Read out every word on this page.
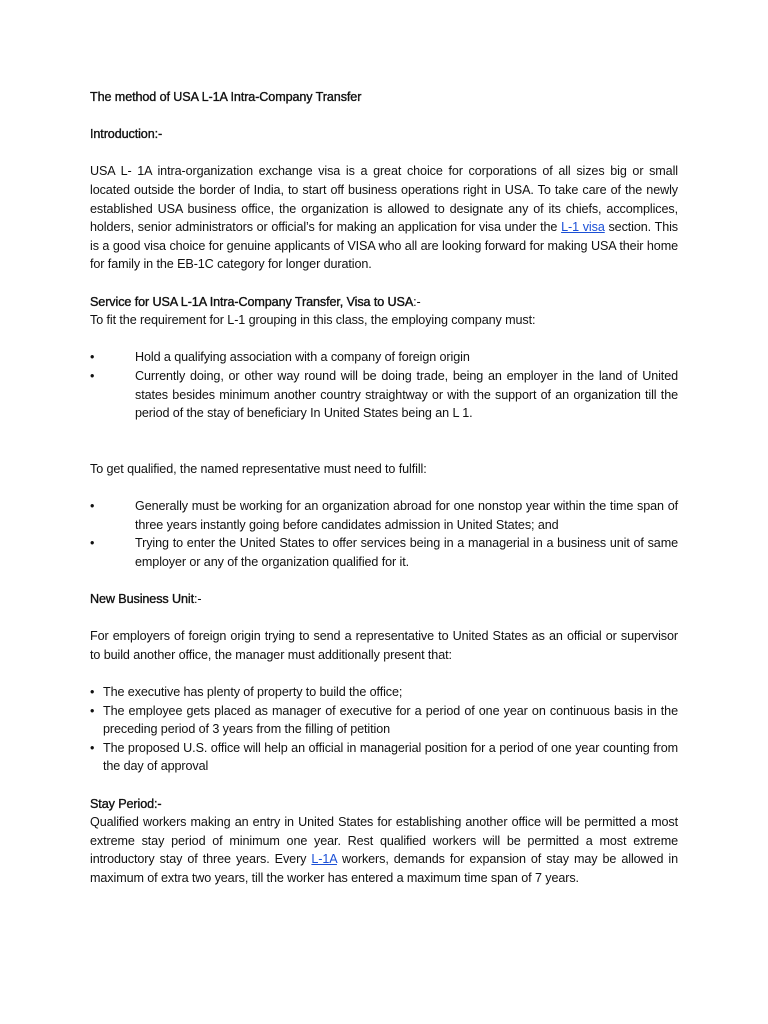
The method of USA L-1A Intra-Company Transfer

Introduction:-

USA L- 1A intra-organization exchange visa is a great choice for corporations of all sizes big or small located outside the border of India, to start off business operations right in USA. To take care of the newly established USA business office, the organization is allowed to designate any of its chiefs, accomplices, holders, senior administrators or official’s for making an application for visa under the L-1 visa section. This is a good visa choice for genuine applicants of VISA who all are looking forward for making USA their home for family in the EB-1C category for longer duration.

Service for USA L-1A Intra-Company Transfer, Visa to USA:-

To fit the requirement for L-1 grouping in this class, the employing company must:

•	Hold a qualifying association with a company of foreign origin
•	Currently doing, or other way round will be doing trade, being an employer in the land of United states besides minimum another country straightway or with the support of an organization till the period of the stay of beneficiary In United States being an L 1.

To get qualified, the named representative must need to fulfill:

•	Generally must be working for an organization abroad for one nonstop year within the time span of three years instantly going before candidates admission in United States; and
•	Trying to enter the United States to offer services being in a managerial in a business unit of same employer or any of the organization qualified for it.

New Business Unit:-

For employers of foreign origin trying to send a representative to United States as an official or supervisor to build another office, the manager must additionally present that:

• The executive has plenty of property to build the office;
• The employee gets placed as manager of executive for a period of one year on continuous basis in the preceding period of 3 years from the filling of petition
• The proposed U.S. office will help an official in managerial position for a period of one year counting from the day of approval

Stay Period:-

Qualified workers making an entry in United States for establishing another office will be permitted a most extreme stay period of minimum one year. Rest qualified workers will be permitted a most extreme introductory stay of three years. Every L-1A workers, demands for expansion of stay may be allowed in maximum of extra two years, till the worker has entered a maximum time span of 7 years.
